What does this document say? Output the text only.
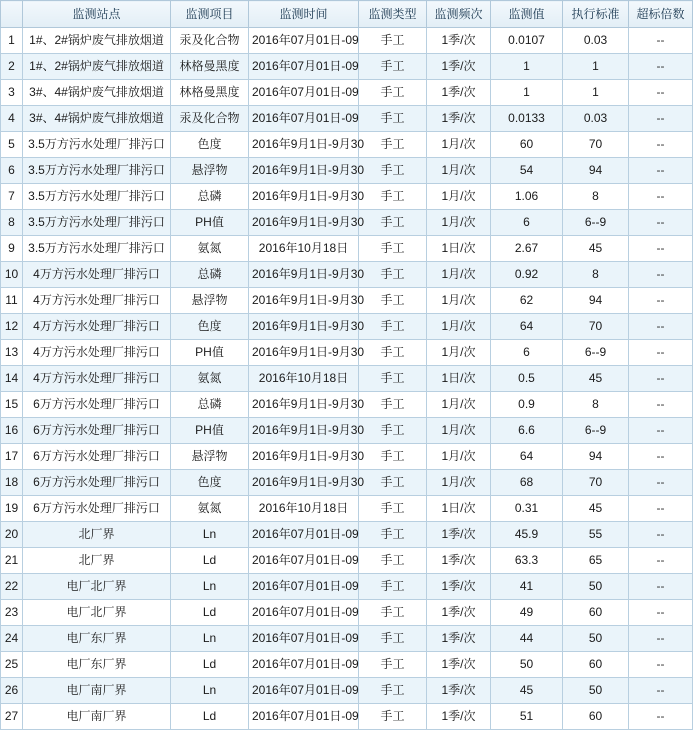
	监测站点	监测项目	监测时间	监测类型	监测频次	监测值	执行标准	超标倍数
1	1#、2#锅炉废气排放烟道	汞及化合物	2016年07月01日-09	手工	1季/次	0.0107	0.03	--
2	1#、2#锅炉废气排放烟道	林格曼黑度	2016年07月01日-09	手工	1季/次	1	1	--
3	3#、4#锅炉废气排放烟道	林格曼黑度	2016年07月01日-09	手工	1季/次	1	1	--
4	3#、4#锅炉废气排放烟道	汞及化合物	2016年07月01日-09	手工	1季/次	0.0133	0.03	--
5	3.5万方污水处理厂排污口	色度	2016年9月1日-9月30	手工	1月/次	60	70	--
6	3.5万方污水处理厂排污口	悬浮物	2016年9月1日-9月30	手工	1月/次	54	94	--
7	3.5万方污水处理厂排污口	总磷	2016年9月1日-9月30	手工	1月/次	1.06	8	--
8	3.5万方污水处理厂排污口	PH值	2016年9月1日-9月30	手工	1月/次	6	6--9	--
9	3.5万方污水处理厂排污口	氨氮	2016年10月18日	手工	1日/次	2.67	45	--
10	4万方污水处理厂排污口	总磷	2016年9月1日-9月30	手工	1月/次	0.92	8	--
11	4万方污水处理厂排污口	悬浮物	2016年9月1日-9月30	手工	1月/次	62	94	--
12	4万方污水处理厂排污口	色度	2016年9月1日-9月30	手工	1月/次	64	70	--
13	4万方污水处理厂排污口	PH值	2016年9月1日-9月30	手工	1月/次	6	6--9	--
14	4万方污水处理厂排污口	氨氮	2016年10月18日	手工	1日/次	0.5	45	--
15	6万方污水处理厂排污口	总磷	2016年9月1日-9月30	手工	1月/次	0.9	8	--
16	6万方污水处理厂排污口	PH值	2016年9月1日-9月30	手工	1月/次	6.6	6--9	--
17	6万方污水处理厂排污口	悬浮物	2016年9月1日-9月30	手工	1月/次	64	94	--
18	6万方污水处理厂排污口	色度	2016年9月1日-9月30	手工	1月/次	68	70	--
19	6万方污水处理厂排污口	氨氮	2016年10月18日	手工	1日/次	0.31	45	--
20	北厂界	Ln	2016年07月01日-09	手工	1季/次	45.9	55	--
21	北厂界	Ld	2016年07月01日-09	手工	1季/次	63.3	65	--
22	电厂北厂界	Ln	2016年07月01日-09	手工	1季/次	41	50	--
23	电厂北厂界	Ld	2016年07月01日-09	手工	1季/次	49	60	--
24	电厂东厂界	Ln	2016年07月01日-09	手工	1季/次	44	50	--
25	电厂东厂界	Ld	2016年07月01日-09	手工	1季/次	50	60	--
26	电厂南厂界	Ln	2016年07月01日-09	手工	1季/次	45	50	--
27	电厂南厂界	Ld	2016年07月01日-09	手工	1季/次	51	60	--
